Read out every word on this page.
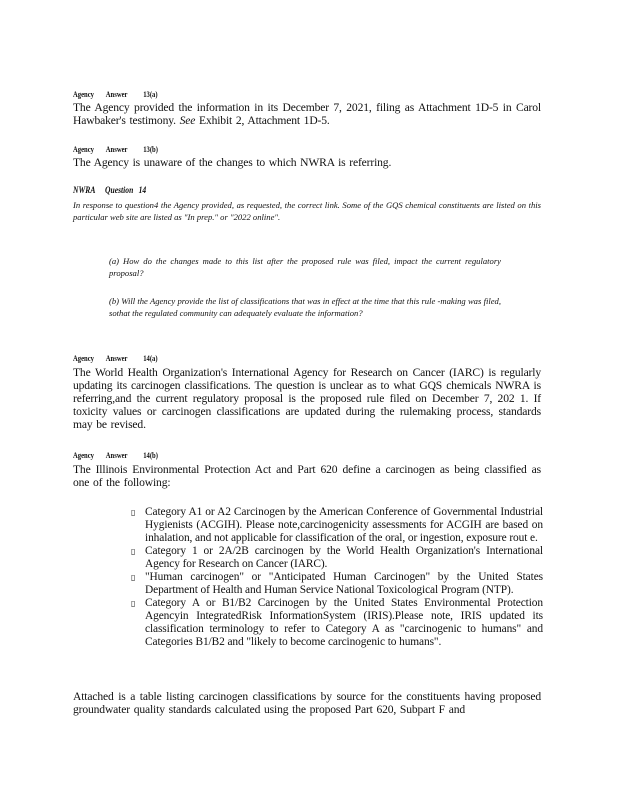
Agency Answer 13(a)
The Agency provided the information in its December 7, 2021, filing as Attachment 1D-5 in Carol Hawbaker's testimony. See Exhibit 2, Attachment 1D-5.
Agency Answer 13(b)
The Agency is unaware of the changes to which NWRA is referring.
NWRA Question 14
In response to question4 the Agency provided, as requested, the correct link. Some of the GQS chemical constituents are listed on this particular web site are listed as "In prep." or "2022 online".
(a) How do the changes made to this list after the proposed rule was filed, impact the current regulatory proposal?
(b) Will the Agency provide the list of classifications that was in effect at the time that this rule -making was filed, sothat the regulated community can adequately evaluate the information?
Agency Answer 14(a)
The World Health Organization's International Agency for Research on Cancer (IARC) is regularly updating its carcinogen classifications. The question is unclear as to what GQS chemicals NWRA is referring,and the current regulatory proposal is the proposed rule filed on December 7, 202 1. If toxicity values or carcinogen classifications are updated during the rulemaking process, standards may be revised.
Agency Answer 14(b)
The Illinois Environmental Protection Act and Part 620 define a carcinogen as being classified as one of the following:
▯ Category A1 or A2 Carcinogen by the American Conference of Governmental Industrial Hygienists (ACGIH). Please note,carcinogenicity assessments for ACGIH are based on inhalation, and not applicable for classification of the oral, or ingestion, exposure rout e.
▯ Category 1 or 2A/2B carcinogen by the World Health Organization's International Agency for Research on Cancer (IARC).
▯ "Human carcinogen" or "Anticipated Human Carcinogen" by the United States Department of Health and Human Service National Toxicological Program (NTP).
▯ Category A or B1/B2 Carcinogen by the United States Environmental Protection Agencyin IntegratedRisk InformationSystem (IRIS).Please note, IRIS updated its classification terminology to refer to Category A as "carcinogenic to humans" and Categories B1/B2 and "likely to become carcinogenic to humans".
Attached is a table listing carcinogen classifications by source for the constituents having proposed groundwater quality standards calculated using the proposed Part 620, Subpart F and
